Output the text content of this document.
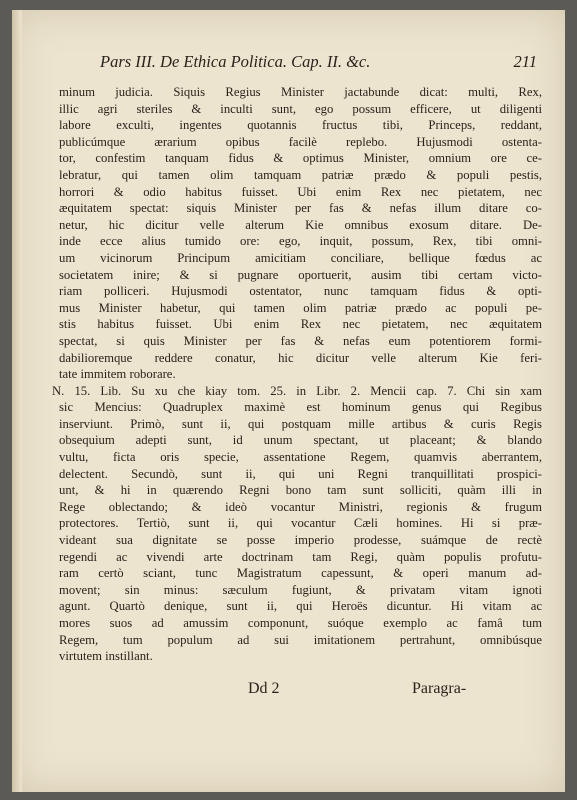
Pars III. De Ethica Politica. Cap. II. &c.	211
minum judicia. Siquis Regius Minister jactabunde dicat: multi, Rex,
illic agri steriles & inculti sunt, ego possum efficere, ut diligenti
labore exculti, ingentes quotannis fructus tibi, Princeps, reddant,
publicúmque ærarium opibus facilè replebo. Hujusmodi ostenta-
tor, confestim tanquam fidus & optimus Minister, omnium ore ce-
lebratur, qui tamen olim tamquam patriæ prædo & populi pestis,
horrori & odio habitus fuisset. Ubi enim Rex nec pietatem, nec
æquitatem spectat: siquis Minister per fas & nefas illum ditare co-
netur, hic dicitur velle alterum Kie omnibus exosum ditare. De-
inde ecce alius tumido ore: ego, inquit, possum, Rex, tibi omni-
um vicinorum Principum amicitiam conciliare, bellique fœdus ac
societatem inire; & si pugnare oportuerit, ausim tibi certam victo-
riam polliceri. Hujusmodi ostentator, nunc tamquam fidus & opti-
mus Minister habetur, qui tamen olim patriæ prædo ac populi pe-
stis habitus fuisset. Ubi enim Rex nec pietatem, nec æquitatem
spectat, si quis Minister per fas & nefas eum potentiorem formi-
dabilioremque reddere conatur, hic dicitur velle alterum Kie feri-
tate immitem roborare.
N. 15. Lib. Su xu che kiay tom. 25. in Libr. 2. Mencii cap. 7. Chi sin xam
sic Mencius: Quadruplex maximè est hominum genus qui Regibus
inserviunt. Primò, sunt ii, qui postquam mille artibus & curis Regis
obsequium adepti sunt, id unum spectant, ut placeant; & blando
vultu, ficta oris specie, assentatione Regem, quamvis aberrantem,
delectent. Secundò, sunt ii, qui uni Regni tranquillitati prospici-
unt, & hi in quærendo Regni bono tam sunt solliciti, quàm illi in
Rege oblectando; & ideò vocantur Ministri, regionis & frugum
protectores. Tertiò, sunt ii, qui vocantur Cæli homines. Hi si præ-
videant sua dignitate se posse imperio prodesse, suámque de rectè
regendi ac vivendi arte doctrinam tam Regi, quàm populis profutu-
ram certò sciant, tunc Magistratum capessunt, & operi manum ad-
movent; sin minus: sæculum fugiunt, & privatam vitam ignoti
agunt. Quartò denique, sunt ii, qui Heroës dicuntur. Hi vitam ac
mores suos ad amussim componunt, suóque exemplo ac famâ tum
Regem, tum populum ad sui imitationem pertrahunt, omnibúsque
virtutem instillant.
Dd 2	Paragra-
